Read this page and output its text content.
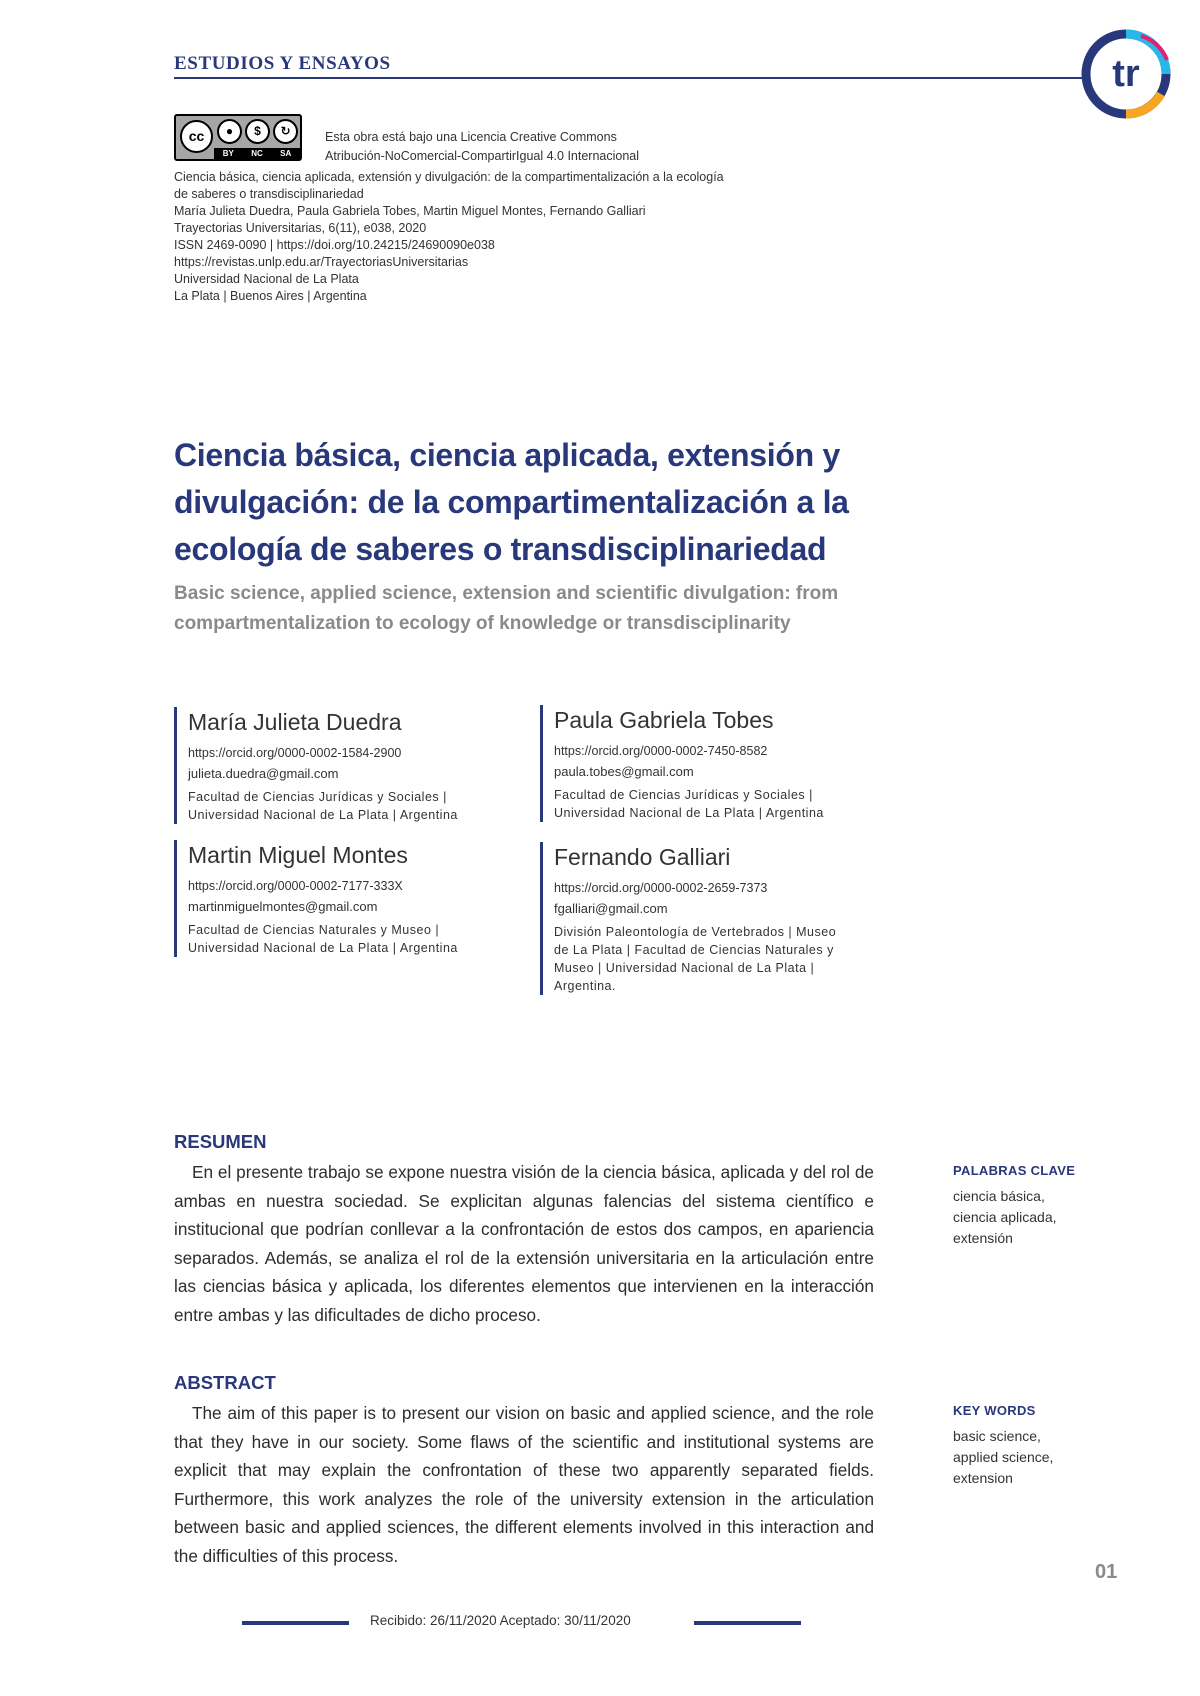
ESTUDIOS Y ENSAYOS	tr
cc	●	$	↻
BY NC SA
Esta obra está bajo una Licencia Creative Commons
Atribución-NoComercial-CompartirIgual 4.0 Internacional
Ciencia básica, ciencia aplicada, extensión y divulgación: de la compartimentalización a la ecología
de saberes o transdisciplinariedad
María Julieta Duedra, Paula Gabriela Tobes, Martin Miguel Montes, Fernando Galliari
Trayectorias Universitarias, 6(11), e038, 2020
ISSN 2469-0090 | https://doi.org/10.24215/24690090e038
https://revistas.unlp.edu.ar/TrayectoriasUniversitarias
Universidad Nacional de La Plata
La Plata | Buenos Aires | Argentina
Ciencia básica, ciencia aplicada, extensión y
divulgación: de la compartimentalización a la
ecología de saberes o transdisciplinariedad
Basic science, applied science, extension and scientific divulgation: from
compartmentalization to ecology of knowledge or transdisciplinarity
María Julieta Duedra
https://orcid.org/0000-0002-1584-2900
julieta.duedra@gmail.com
Facultad de Ciencias Jurídicas y Sociales |
Universidad Nacional de La Plata | Argentina
Paula Gabriela Tobes
https://orcid.org/0000-0002-7450-8582
paula.tobes@gmail.com
Facultad de Ciencias Jurídicas y Sociales |
Universidad Nacional de La Plata | Argentina
Martin Miguel Montes
https://orcid.org/0000-0002-7177-333X
martinmiguelmontes@gmail.com
Facultad de Ciencias Naturales y Museo |
Universidad Nacional de La Plata | Argentina
Fernando Galliari
https://orcid.org/0000-0002-2659-7373
fgalliari@gmail.com
División Paleontología de Vertebrados | Museo
de La Plata | Facultad de Ciencias Naturales y
Museo | Universidad Nacional de La Plata |
Argentina.
RESUMEN

En el presente trabajo se expone nuestra visión de la ciencia básica, aplicada y del rol de ambas en nuestra sociedad. Se explicitan algunas falencias del sistema científico e institucional que podrían conllevar a la confrontación de estos dos campos, en apariencia separados. Además, se analiza el rol de la extensión universitaria en la articulación entre las ciencias básica y aplicada, los diferentes elementos que intervienen en la interacción entre ambas y las dificultades de dicho proceso.

PALABRAS CLAVE
ciencia básica,
ciencia aplicada,
extensión
ABSTRACT

The aim of this paper is to present our vision on basic and applied science, and the role that they have in our society. Some flaws of the scientific and institutional systems are explicit that may explain the confrontation of these two apparently separated fields. Furthermore, this work analyzes the role of the university extension in the articulation between basic and applied sciences, the different elements involved in this interaction and the difficulties of this process.

KEY WORDS
basic science,
applied science,
extension
01
Recibido: 26/11/2020 Aceptado: 30/11/2020
